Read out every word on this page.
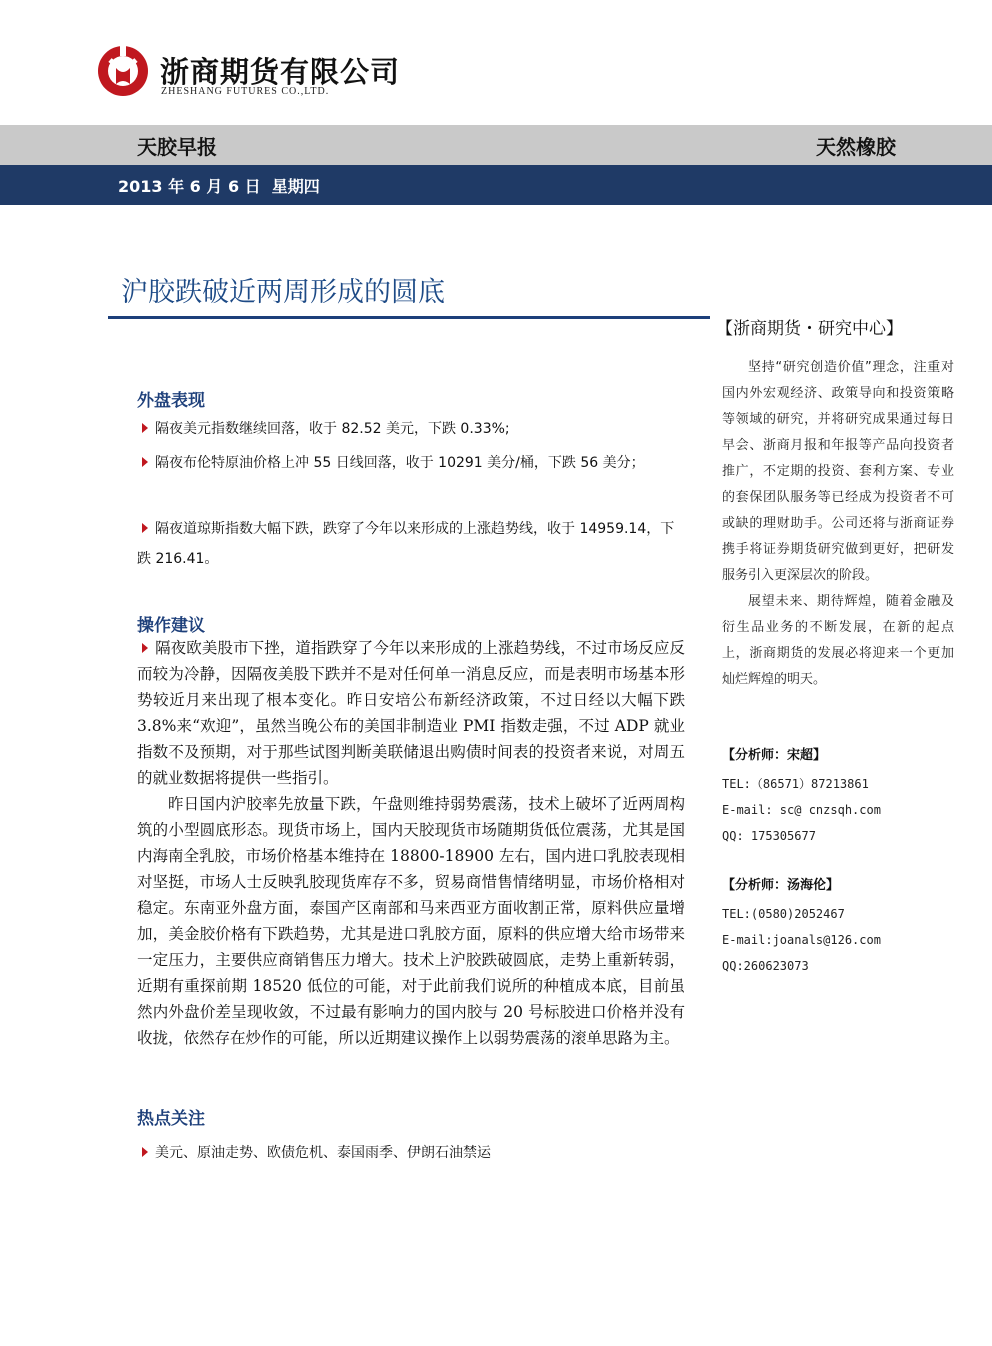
浙商期货有限公司
ZHESHANG FUTURES CO.,LTD.
天胶早报	天然橡胶
2013 年 6 月 6 日  星期四
沪胶跌破近两周形成的圆底
【浙商期货・研究中心】

坚持“研究创造价值”理念，注重对国内外宏观经济、政策导向和投资策略等领域的研究，并将研究成果通过每日早会、浙商月报和年报等产品向投资者推广，不定期的投资、套利方案、专业的套保团队服务等已经成为投资者不可或缺的理财助手。公司还将与浙商证券携手将证券期货研究做到更好，把研发服务引入更深层次的阶段。

展望未来、期待辉煌，随着金融及衍生品业务的不断发展，在新的起点上，浙商期货的发展必将迎来一个更加灿烂辉煌的明天。

【分析师：宋超】
TEL:（86571）87213861
E-mail: sc@ cnzsqh.com
QQ: 175305677
【分析师：汤海伦】
TEL:(0580)2052467
E-mail:joanals@126.com
QQ:260623073
外盘表现
隔夜美元指数继续回落，收于 82.52 美元，下跌 0.33%;
隔夜布伦特原油价格上冲 55 日线回落，收于 10291 美分/桶，下跌 56 美分；
隔夜道琼斯指数大幅下跌，跌穿了今年以来形成的上涨趋势线，收于 14959.14，下跌 216.41。
操作建议

隔夜欧美股市下挫，道指跌穿了今年以来形成的上涨趋势线，不过市场反应反而较为冷静，因隔夜美股下跌并不是对任何单一消息反应，而是表明市场基本形势较近月来出现了根本变化。昨日安培公布新经济政策，不过日经以大幅下跌 3.8%来“欢迎”，虽然当晚公布的美国非制造业 PMI 指数走强，不过 ADP 就业指数不及预期，对于那些试图判断美联储退出购债时间表的投资者来说，对周五的就业数据将提供一些指引。

昨日国内沪胶率先放量下跌，午盘则维持弱势震荡，技术上破坏了近两周构筑的小型圆底形态。现货市场上，国内天胶现货市场随期货低位震荡，尤其是国内海南全乳胶，市场价格基本维持在 18800-18900 左右，国内进口乳胶表现相对坚挺，市场人士反映乳胶现货库存不多，贸易商惜售情绪明显，市场价格相对稳定。东南亚外盘方面，泰国产区南部和马来西亚方面收割正常，原料供应量增加，美金胶价格有下跌趋势，尤其是进口乳胶方面，原料的供应增大给市场带来一定压力，主要供应商销售压力增大。技术上沪胶跌破圆底，走势上重新转弱，近期有重探前期 18520 低位的可能，对于此前我们说所的种植成本底，目前虽然内外盘价差呈现收敛，不过最有影响力的国内胶与 20 号标胶进口价格并没有收拢，依然存在炒作的可能，所以近期建议操作上以弱势震荡的滚单思路为主。

热点关注
美元、原油走势、欧债危机、泰国雨季、伊朗石油禁运
